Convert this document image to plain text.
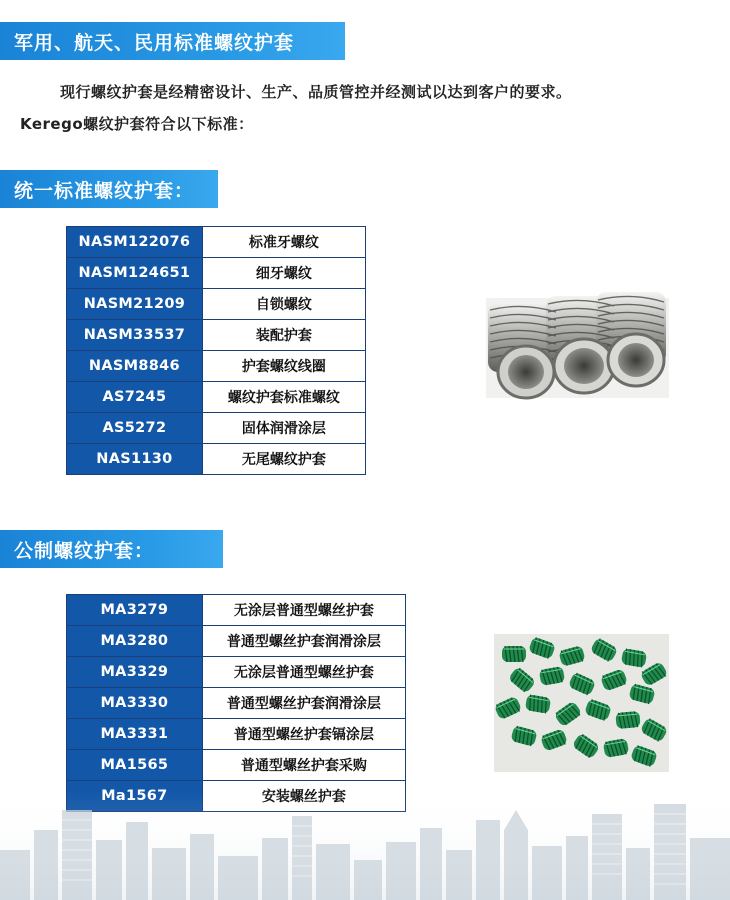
军用、航天、民用标准螺纹护套
现行螺纹护套是经精密设计、生产、品质管控并经测试以达到客户的要求。
Kerego螺纹护套符合以下标准：
统一标准螺纹护套：
NASM122076	标准牙螺纹
NASM124651	细牙螺纹
NASM21209	自锁螺纹
NASM33537	装配护套
NASM8846	护套螺纹线圈
AS7245	螺纹护套标准螺纹
AS5272	固体润滑涂层
NAS1130	无尾螺纹护套
公制螺纹护套：
MA3279	无涂层普通型螺丝护套
MA3280	普通型螺丝护套润滑涂层
MA3329	无涂层普通型螺丝护套
MA3330	普通型螺丝护套润滑涂层
MA3331	普通型螺丝护套镉涂层
MA1565	普通型螺丝护套采购
Ma1567	安装螺丝护套
